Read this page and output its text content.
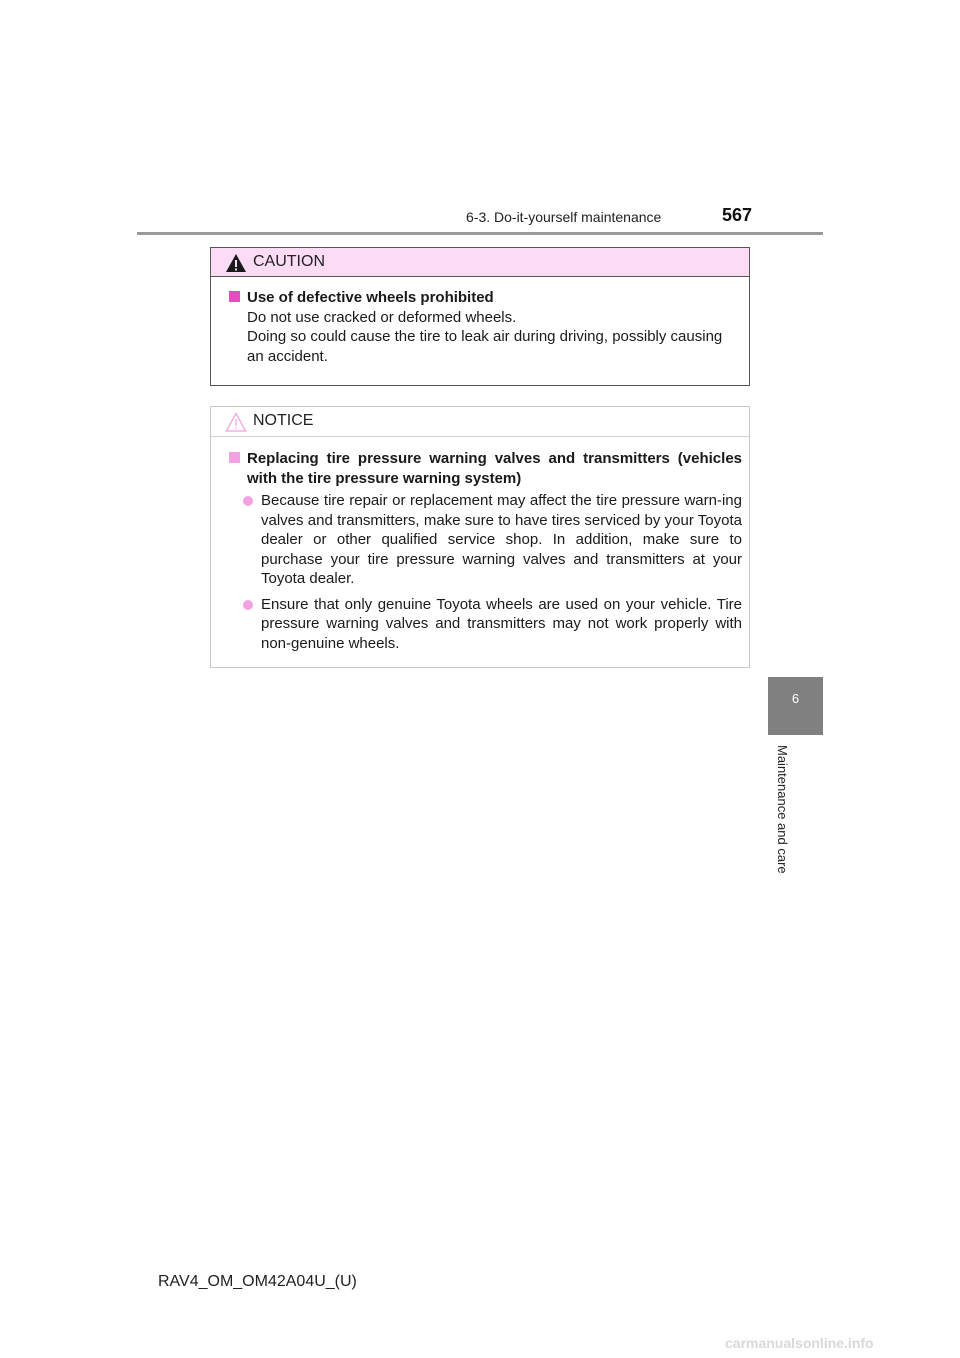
6-3. Do-it-yourself maintenance	567
6
Maintenance and care
CAUTION
Use of defective wheels prohibited
Do not use cracked or deformed wheels.
Doing so could cause the tire to leak air during driving, possibly causing an accident.
NOTICE
Replacing tire pressure warning valves and transmitters (vehicles with the tire pressure warning system)
Because tire repair or replacement may affect the tire pressure warn-ing valves and transmitters, make sure to have tires serviced by your Toyota dealer or other qualified service shop. In addition, make sure to purchase your tire pressure warning valves and transmitters at your Toyota dealer.
Ensure that only genuine Toyota wheels are used on your vehicle. Tire pressure warning valves and transmitters may not work properly with non-genuine wheels.
RAV4_OM_OM42A04U_(U)
carmanualsonline.info
